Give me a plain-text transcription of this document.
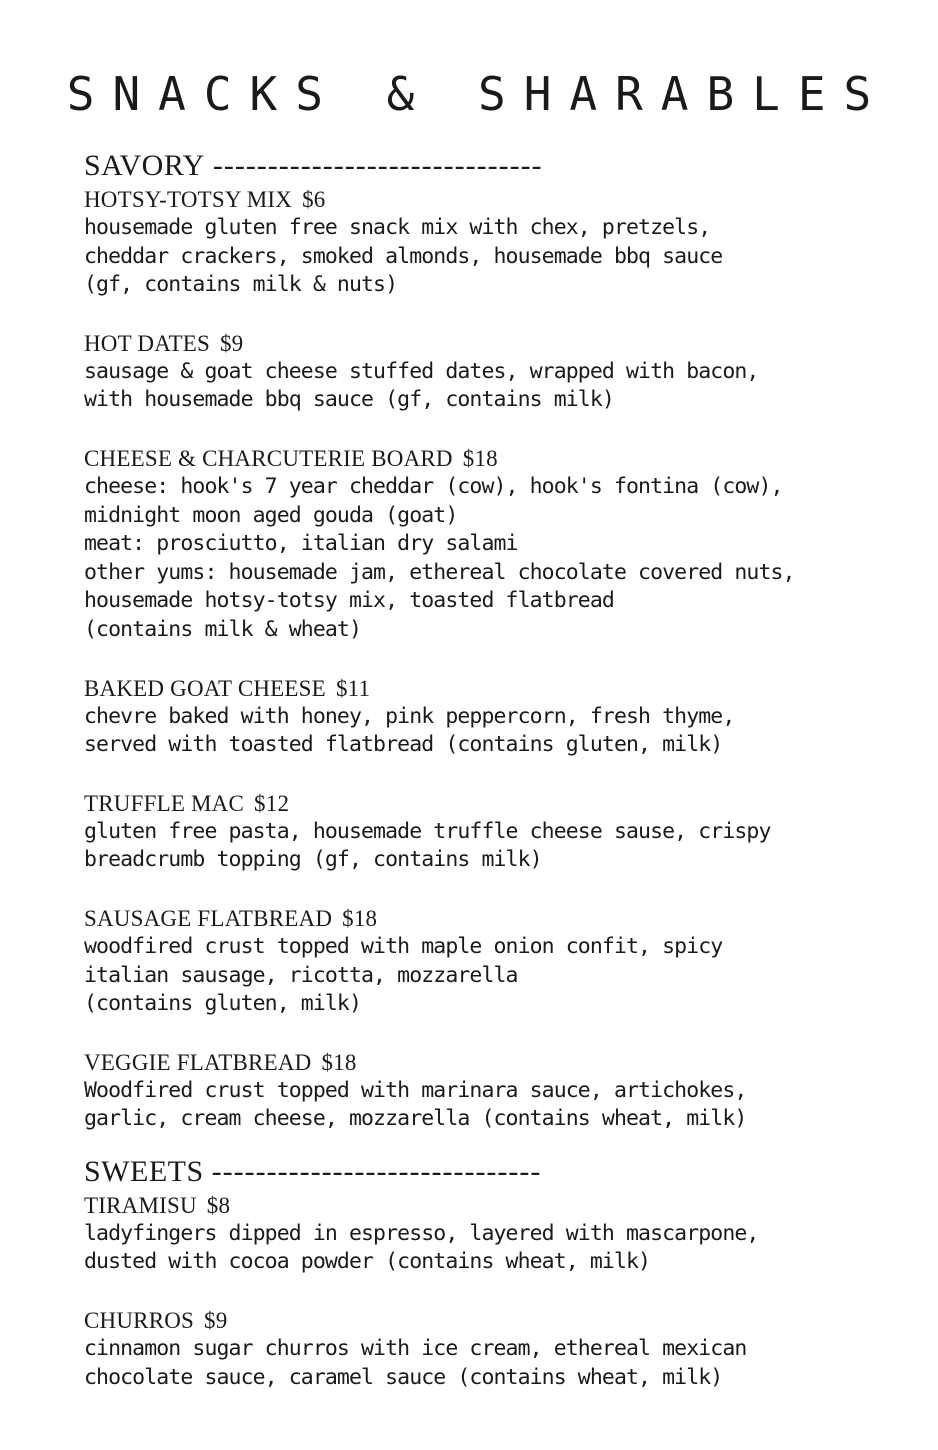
SNACKS & SHARABLES
SAVORY ------------------------------
HOTSY-TOTSY MIX $6
housemade gluten free snack mix with chex, pretzels,
cheddar crackers, smoked almonds, housemade bbq sauce
(gf, contains milk & nuts)
HOT DATES $9
sausage & goat cheese stuffed dates, wrapped with bacon,
with housemade bbq sauce (gf, contains milk)
CHEESE & CHARCUTERIE BOARD $18
cheese: hook's 7 year cheddar (cow), hook's fontina (cow),
midnight moon aged gouda (goat)
meat: prosciutto, italian dry salami
other yums: housemade jam, ethereal chocolate covered nuts,
housemade hotsy-totsy mix, toasted flatbread
(contains milk & wheat)
BAKED GOAT CHEESE $11
chevre baked with honey, pink peppercorn, fresh thyme,
served with toasted flatbread (contains gluten, milk)
TRUFFLE MAC $12
gluten free pasta, housemade truffle cheese sause, crispy
breadcrumb topping (gf, contains milk)
SAUSAGE FLATBREAD $18
woodfired crust topped with maple onion confit, spicy
italian sausage, ricotta, mozzarella
(contains gluten, milk)
VEGGIE FLATBREAD $18
Woodfired crust topped with marinara sauce, artichokes,
garlic, cream cheese, mozzarella (contains wheat, milk)
SWEETS ------------------------------
TIRAMISU $8
ladyfingers dipped in espresso, layered with mascarpone,
dusted with cocoa powder (contains wheat, milk)
CHURROS $9
cinnamon sugar churros with ice cream, ethereal mexican
chocolate sauce, caramel sauce (contains wheat, milk)
